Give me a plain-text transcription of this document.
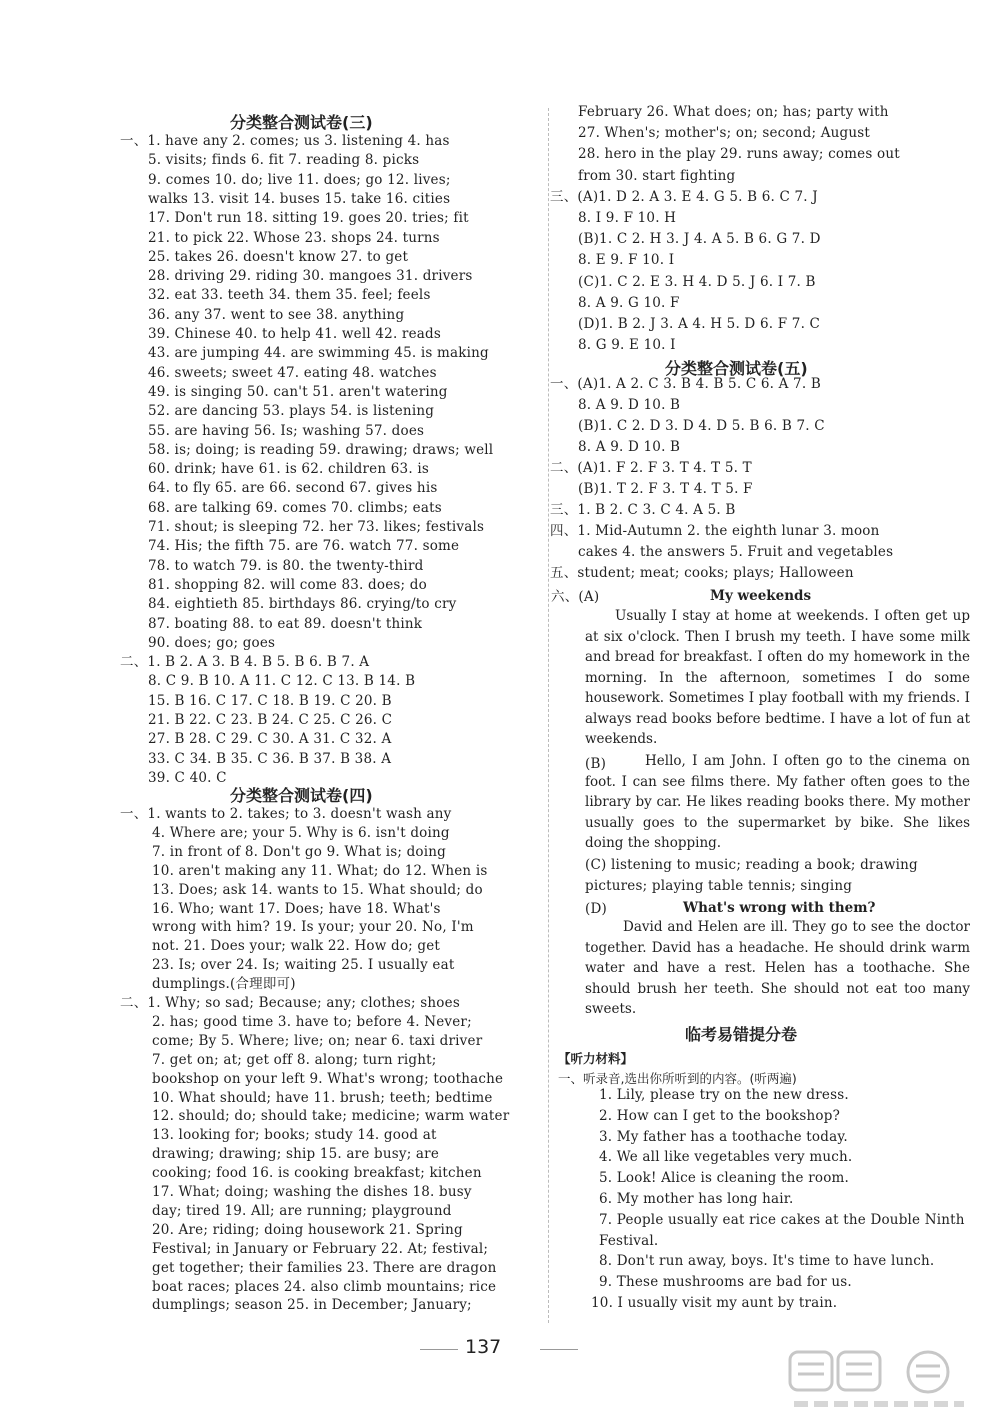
分类整合测试卷(三)
一、1. have any 2. comes; us 3. listening 4. has
5. visits; finds 6. fit 7. reading 8. picks
9. comes 10. do; live 11. does; go 12. lives;
walks 13. visit 14. buses 15. take 16. cities
17. Don't run 18. sitting 19. goes 20. tries; fit
21. to pick 22. Whose 23. shops 24. turns
25. takes 26. doesn't know 27. to get
28. driving 29. riding 30. mangoes 31. drivers
32. eat 33. teeth 34. them 35. feel; feels
36. any 37. went to see 38. anything
39. Chinese 40. to help 41. well 42. reads
43. are jumping 44. are swimming 45. is making
46. sweets; sweet 47. eating 48. watches
49. is singing 50. can't 51. aren't watering
52. are dancing 53. plays 54. is listening
55. are having 56. Is; washing 57. does
58. is; doing; is reading 59. drawing; draws; well
60. drink; have 61. is 62. children 63. is
64. to fly 65. are 66. second 67. gives his
68. are talking 69. comes 70. climbs; eats
71. shout; is sleeping 72. her 73. likes; festivals
74. His; the fifth 75. are 76. watch 77. some
78. to watch 79. is 80. the twenty-third
81. shopping 82. will come 83. does; do
84. eightieth 85. birthdays 86. crying/to cry
87. boating 88. to eat 89. doesn't think
90. does; go; goes
二、1. B 2. A 3. B 4. B 5. B 6. B 7. A
8. C 9. B 10. A 11. C 12. C 13. B 14. B
15. B 16. C 17. C 18. B 19. C 20. B
21. B 22. C 23. B 24. C 25. C 26. C
27. B 28. C 29. C 30. A 31. C 32. A
33. C 34. B 35. C 36. B 37. B 38. A
39. C 40. C
分类整合测试卷(四)
一、1. wants to 2. takes; to 3. doesn't wash any
4. Where are; your 5. Why is 6. isn't doing
7. in front of 8. Don't go 9. What is; doing
10. aren't making any 11. What; do 12. When is
13. Does; ask 14. wants to 15. What should; do
16. Who; want 17. Does; have 18. What's
wrong with him? 19. Is your; your 20. No, I'm
not. 21. Does your; walk 22. How do; get
23. Is; over 24. Is; waiting 25. I usually eat
dumplings.(合理即可)
二、1. Why; so sad; Because; any; clothes; shoes
2. has; good time 3. have to; before 4. Never;
come; By 5. Where; live; on; near 6. taxi driver
7. get on; at; get off 8. along; turn right;
bookshop on your left 9. What's wrong; toothache
10. What should; have 11. brush; teeth; bedtime
12. should; do; should take; medicine; warm water
13. looking for; books; study 14. good at
drawing; drawing; ship 15. are busy; are
cooking; food 16. is cooking breakfast; kitchen
17. What; doing; washing the dishes 18. busy
day; tired 19. All; are running; playground
20. Are; riding; doing housework 21. Spring
Festival; in January or February 22. At; festival;
get together; their families 23. There are dragon
boat races; places 24. also climb mountains; rice
dumplings; season 25. in December; January;
February 26. What does; on; has; party with
27. When's; mother's; on; second; August
28. hero in the play 29. runs away; comes out
from 30. start fighting
三、(A)1. D 2. A 3. E 4. G 5. B 6. C 7. J
8. I 9. F 10. H
(B)1. C 2. H 3. J 4. A 5. B 6. G 7. D
8. E 9. F 10. I
(C)1. C 2. E 3. H 4. D 5. J 6. I 7. B
8. A 9. G 10. F
(D)1. B 2. J 3. A 4. H 5. D 6. F 7. C
8. G 9. E 10. I
分类整合测试卷(五)
一、(A)1. A 2. C 3. B 4. B 5. C 6. A 7. B
8. A 9. D 10. B
(B)1. C 2. D 3. D 4. D 5. B 6. B 7. C
8. A 9. D 10. B
二、(A)1. F 2. F 3. T 4. T 5. T
(B)1. T 2. F 3. T 4. T 5. F
三、1. B 2. C 3. C 4. A 5. B
四、1. Mid-Autumn 2. the eighth lunar 3. moon
cakes 4. the answers 5. Fruit and vegetables
五、student; meat; cooks; plays; Halloween
六、(A)	My weekends

Usually I stay at home at weekends. I often get up at six o'clock. Then I brush my teeth. I have some milk and bread for breakfast. I often do my homework in the morning. In the afternoon, sometimes I do some housework. Sometimes I play football with my friends. I always read books before bedtime. I have a lot of fun at weekends.

(B)	Hello, I am John. I often go to the cinema on foot. I can see films there. My father often goes to the library by car. He likes reading books there. My mother usually goes to the supermarket by bike. She likes doing the shopping.

(C) listening to music; reading a book; drawing
pictures; playing table tennis; singing
(D)	What's wrong with them?

David and Helen are ill. They go to see the doctor together. David has a headache. He should drink warm water and have a rest. Helen has a toothache. She should brush her teeth. She should not eat too many sweets.

临考易错提分卷
【听力材料】
一、听录音,选出你所听到的内容。(听两遍)
1. Lily, please try on the new dress.
2. How can I get to the bookshop?
3. My father has a toothache today.
4. We all like vegetables very much.
5. Look! Alice is cleaning the room.
6. My mother has long hair.
7. People usually eat rice cakes at the Double Ninth
Festival.
8. Don't run away, boys. It's time to have lunch.
9. These mushrooms are bad for us.
10. I usually visit my aunt by train.
137
